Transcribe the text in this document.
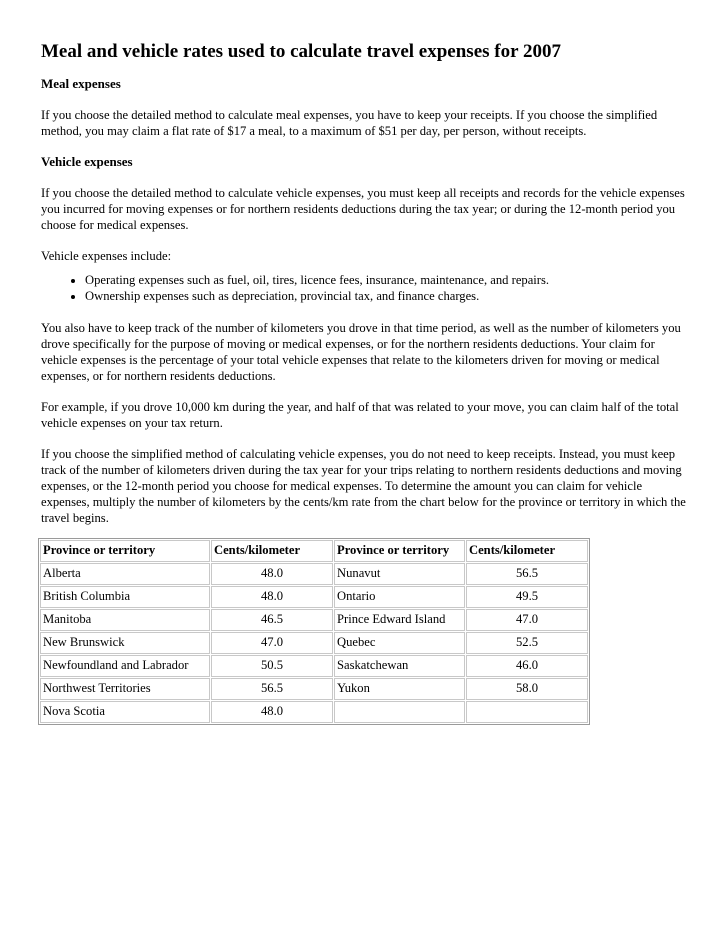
Meal and vehicle rates used to calculate travel expenses for 2007
Meal expenses

If you choose the detailed method to calculate meal expenses, you have to keep your receipts. If you choose the simplified method, you may claim a flat rate of $17 a meal, to a maximum of $51 per day, per person, without receipts.

Vehicle expenses

If you choose the detailed method to calculate vehicle expenses, you must keep all receipts and records for the vehicle expenses you incurred for moving expenses or for northern residents deductions during the tax year; or during the 12-month period you choose for medical expenses.

Vehicle expenses include:

• Operating expenses such as fuel, oil, tires, licence fees, insurance, maintenance, and repairs.
• Ownership expenses such as depreciation, provincial tax, and finance charges.

You also have to keep track of the number of kilometers you drove in that time period, as well as the number of kilometers you drove specifically for the purpose of moving or medical expenses, or for the northern residents deductions. Your claim for vehicle expenses is the percentage of your total vehicle expenses that relate to the kilometers driven for moving or medical expenses, or for northern residents deductions.

For example, if you drove 10,000 km during the year, and half of that was related to your move, you can claim half of the total vehicle expenses on your tax return.

If you choose the simplified method of calculating vehicle expenses, you do not need to keep receipts. Instead, you must keep track of the number of kilometers driven during the tax year for your trips relating to northern residents deductions and moving expenses, or the 12-month period you choose for medical expenses. To determine the amount you can claim for vehicle expenses, multiply the number of kilometers by the cents/km rate from the chart below for the province or territory in which the travel begins.

Province or territory	Cents/kilometer	Province or territory	Cents/kilometer
Alberta	48.0	Nunavut	56.5
British Columbia	48.0	Ontario	49.5
Manitoba	46.5	Prince Edward Island	47.0
New Brunswick	47.0	Quebec	52.5
Newfoundland and Labrador	50.5	Saskatchewan	46.0
Northwest Territories	56.5	Yukon	58.0
Nova Scotia	48.0		
